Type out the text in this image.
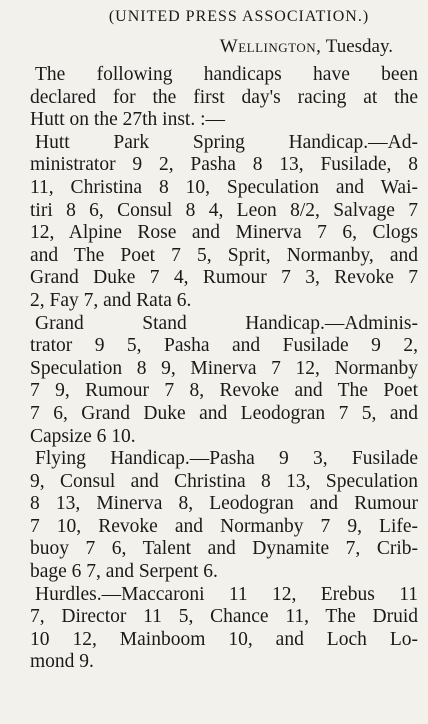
(UNITED PRESS ASSOCIATION.)
Wellington, Tuesday.

The following handicaps have been
declared for the first day's racing at the
Hutt on the 27th inst. :—

Hutt Park Spring Handicap.—Ad-
ministrator 9 2, Pasha 8 13, Fusilade, 8
11, Christina 8 10, Speculation and Wai-
tiri 8 6, Consul 8 4, Leon 8/2, Salvage 7
12, Alpine Rose and Minerva 7 6, Clogs
and The Poet 7 5, Sprit, Normanby, and
Grand Duke 7 4, Rumour 7 3, Revoke 7
2, Fay 7, and Rata 6.

Grand Stand Handicap.—Adminis-
trator 9 5, Pasha and Fusilade 9 2,
Speculation 8 9, Minerva 7 12, Normanby
7 9, Rumour 7 8, Revoke and The Poet
7 6, Grand Duke and Leodogran 7 5, and
Capsize 6 10.

Flying Handicap.—Pasha 9 3, Fusilade
9, Consul and Christina 8 13, Speculation
8 13, Minerva 8, Leodogran and Rumour
7 10, Revoke and Normanby 7 9, Life-
buoy 7 6, Talent and Dynamite 7, Crib-
bage 6 7, and Serpent 6.

Hurdles.—Maccaroni 11 12, Erebus 11
7, Director 11 5, Chance 11, The Druid
10 12, Mainboom 10, and Loch Lo-
mond 9.
